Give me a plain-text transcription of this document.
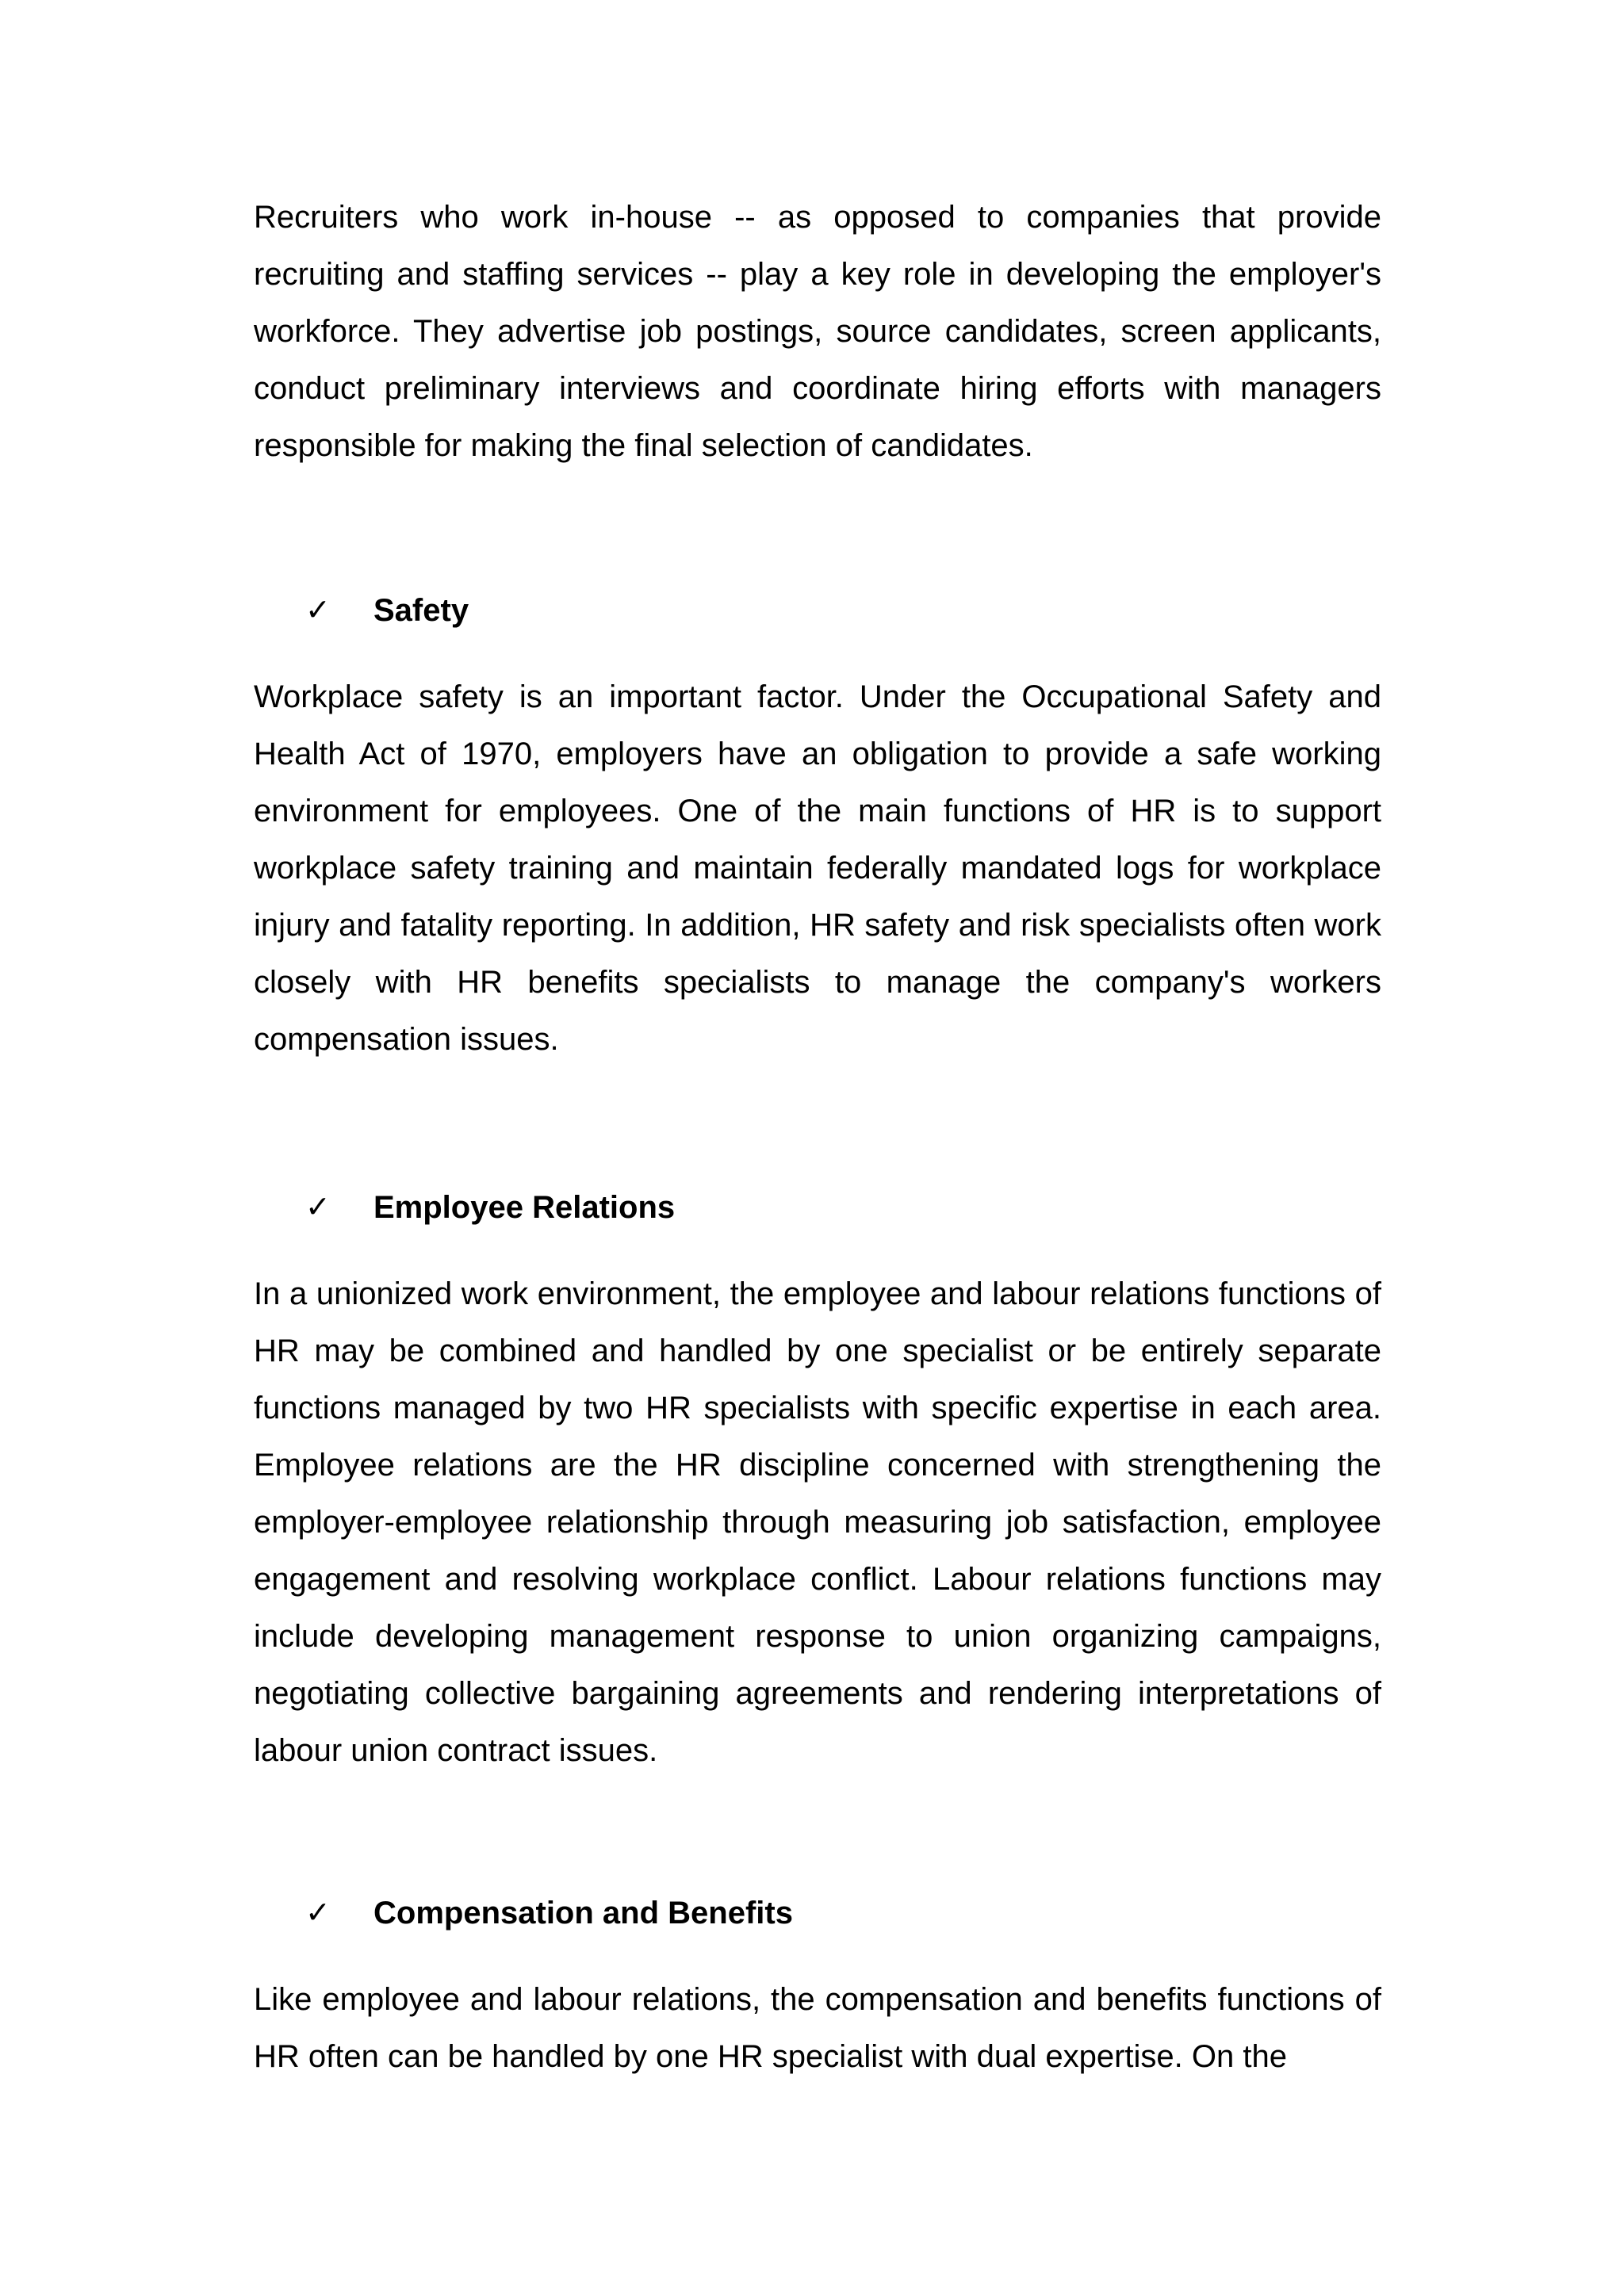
Recruiters who work in-house -- as opposed to companies that provide recruiting and staffing services -- play a key role in developing the employer's workforce. They advertise job postings, source candidates, screen applicants, conduct preliminary interviews and coordinate hiring efforts with managers responsible for making the final selection of candidates.

✓	Safety

Workplace safety is an important factor. Under the Occupational Safety and Health Act of 1970, employers have an obligation to provide a safe working environment for employees. One of the main functions of HR is to support workplace safety training and maintain federally mandated logs for workplace injury and fatality reporting. In addition, HR safety and risk specialists often work closely with HR benefits specialists to manage the company's workers compensation issues.

✓	Employee Relations

In a unionized work environment, the employee and labour relations functions of HR may be combined and handled by one specialist or be entirely separate functions managed by two HR specialists with specific expertise in each area. Employee relations are the HR discipline concerned with strengthening the employer-employee relationship through measuring job satisfaction, employee engagement and resolving workplace conflict. Labour relations functions may include developing management response to union organizing campaigns, negotiating collective bargaining agreements and rendering interpretations of labour union contract issues.

✓	Compensation and Benefits

Like employee and labour relations, the compensation and benefits functions of HR often can be handled by one HR specialist with dual expertise. On the
